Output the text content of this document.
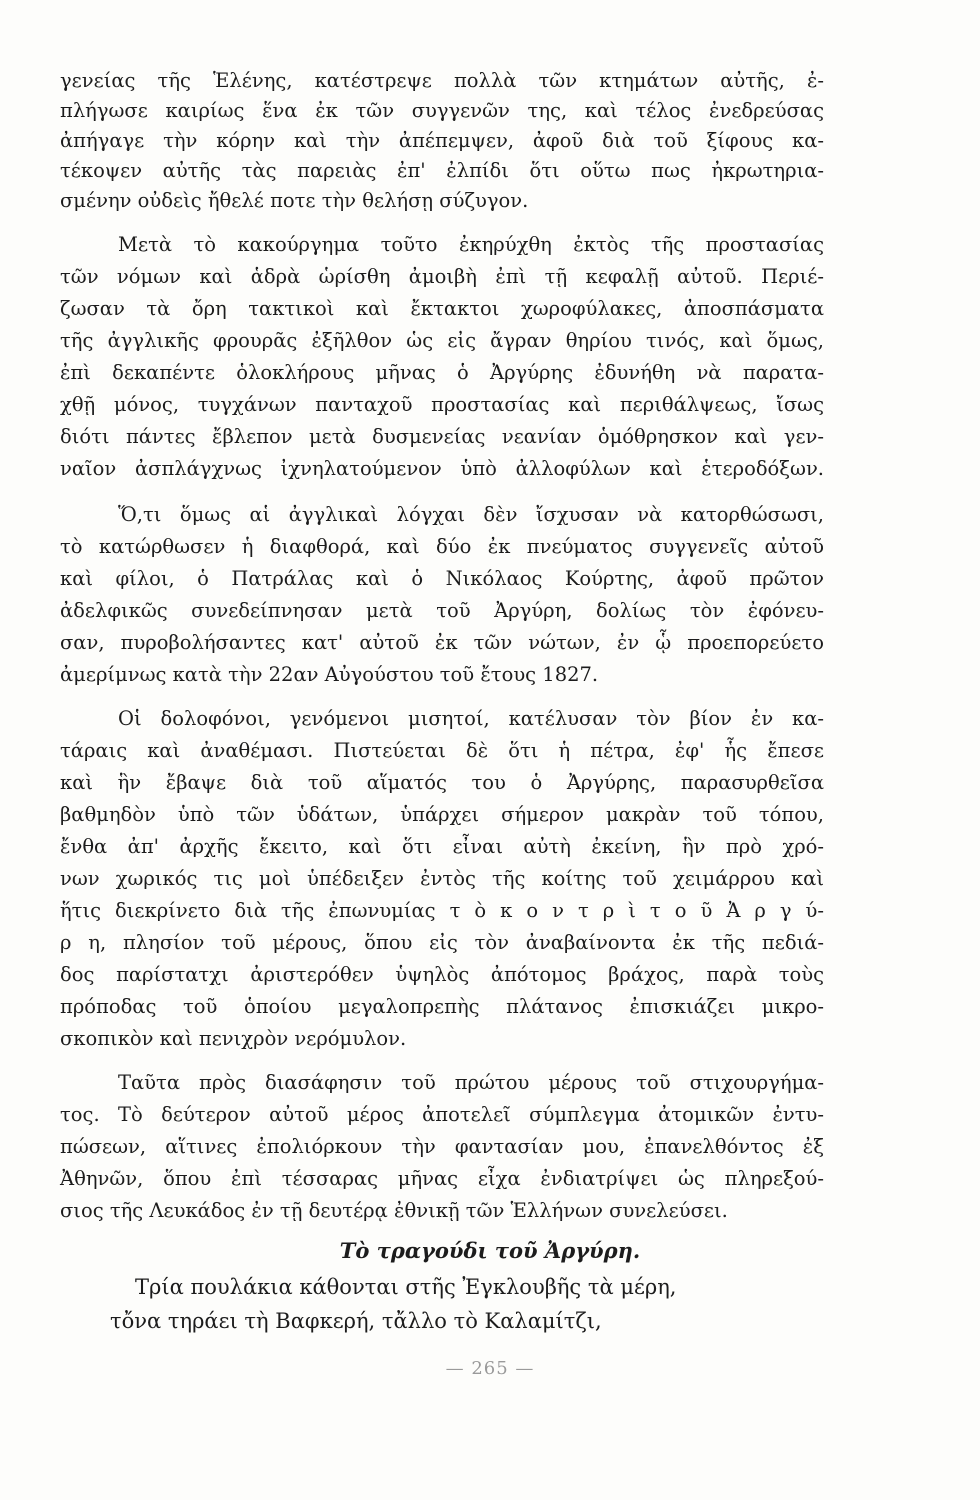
γενείας τῆς Ἑλένης, κατέστρεψε πολλὰ τῶν κτημάτων αὐτῆς, ἐ-
πλήγωσε καιρίως ἕνα ἐκ τῶν συγγενῶν της, καὶ τέλος ἐνεδρεύσας
ἀπήγαγε τὴν κόρην καὶ τὴν ἀπέπεμψεν, ἀφοῦ διὰ τοῦ ξίφους κα-
τέκοψεν αὐτῆς τὰς παρειὰς ἐπ' ἐλπίδι ὅτι οὕτω πως ἠκρωτηρια-
σμένην οὐδεὶς ἤθελέ ποτε τὴν θελήσῃ σύζυγον.
Μετὰ τὸ κακούργημα τοῦτο ἐκηρύχθη ἐκτὸς τῆς προστασίας
τῶν νόμων καὶ ἁδρὰ ὡρίσθη ἀμοιβὴ ἐπὶ τῇ κεφαλῇ αὐτοῦ. Περιέ-
ζωσαν τὰ ὄρη τακτικοὶ καὶ ἔκτακτοι χωροφύλακες, ἀποσπάσματα
τῆς ἀγγλικῆς φρουρᾶς ἐξῆλθον ὡς εἰς ἄγραν θηρίου τινός, καὶ ὅμως,
ἐπὶ δεκαπέντε ὁλοκλήρους μῆνας ὁ Ἀργύρης ἐδυνήθη νὰ παρατα-
χθῇ μόνος, τυγχάνων πανταχοῦ προστασίας καὶ περιθάλψεως, ἴσως
διότι πάντες ἔβλεπον μετὰ δυσμενείας νεανίαν ὁμόθρησκον καὶ γεν-
ναῖον ἀσπλάγχνως ἰχνηλατούμενον ὑπὸ ἀλλοφύλων καὶ ἑτεροδόξων.
Ὅ,τι ὅμως αἱ ἀγγλικαὶ λόγχαι δὲν ἴσχυσαν νὰ κατορθώσωσι,
τὸ κατώρθωσεν ἡ διαφθορά, καὶ δύο ἐκ πνεύματος συγγενεῖς αὐτοῦ
καὶ φίλοι, ὁ Πατράλας καὶ ὁ Νικόλαος Κούρτης, ἀφοῦ πρῶτον
ἀδελφικῶς συνεδείπνησαν μετὰ τοῦ Ἀργύρη, δολίως τὸν ἐφόνευ-
σαν, πυροβολήσαντες κατ' αὐτοῦ ἐκ τῶν νώτων, ἐν ᾧ προεπορεύετο
ἀμερίμνως κατὰ τὴν 22αν Αὐγούστου τοῦ ἔτους 1827.
Οἱ δολοφόνοι, γενόμενοι μισητοί, κατέλυσαν τὸν βίον ἐν κα-
τάραις καὶ ἀναθέμασι. Πιστεύεται δὲ ὅτι ἡ πέτρα, ἐφ' ἧς ἔπεσε
καὶ ἣν ἔβαψε διὰ τοῦ αἵματός του ὁ Ἀργύρης, παρασυρθεῖσα
βαθμηδὸν ὑπὸ τῶν ὑδάτων, ὑπάρχει σήμερον μακρὰν τοῦ τόπου,
ἔνθα ἀπ' ἀρχῆς ἔκειτο, καὶ ὅτι εἶναι αὐτὴ ἐκείνη, ἣν πρὸ χρό-
νων χωρικός τις μοὶ ὑπέδειξεν ἐντὸς τῆς κοίτης τοῦ χειμάρρου καὶ
ἥτις διεκρίνετο διὰ τῆς ἐπωνυμίας τ ὸ κ ο ν τ ρ ὶ τ ο ῦ Ἀ ρ γ ύ-
ρ η, πλησίον τοῦ μέρους, ὅπου εἰς τὸν ἀναβαίνοντα ἐκ τῆς πεδιά-
δος παρίστατχι ἀριστερόθεν ὑψηλὸς ἀπότομος βράχος, παρὰ τοὺς
πρόποδας τοῦ ὁποίου μεγαλοπρεπὴς πλάτανος ἐπισκιάζει μικρο-
σκοπικὸν καὶ πενιχρὸν νερόμυλον.
Ταῦτα πρὸς διασάφησιν τοῦ πρώτου μέρους τοῦ στιχουργήμα-
τος. Τὸ δεύτερον αὐτοῦ μέρος ἀποτελεῖ σύμπλεγμα ἀτομικῶν ἐντυ-
πώσεων, αἵτινες ἐπολιόρκουν τὴν φαντασίαν μου, ἐπανελθόντος ἐξ
Ἀθηνῶν, ὅπου ἐπὶ τέσσαρας μῆνας εἶχα ἐνδιατρίψει ὡς πληρεξού-
σιος τῆς Λευκάδος ἐν τῇ δευτέρᾳ ἐθνικῇ τῶν Ἑλλήνων συνελεύσει.
Τὸ τραγούδι τοῦ Ἀργύρη.
Τρία πουλάκια κάθονται στῆς Ἐγκλουβῆς τὰ μέρη,
τὄνα τηράει τὴ Βαφκερή, τἄλλο τὸ Καλαμίτζι,
— 265 —
